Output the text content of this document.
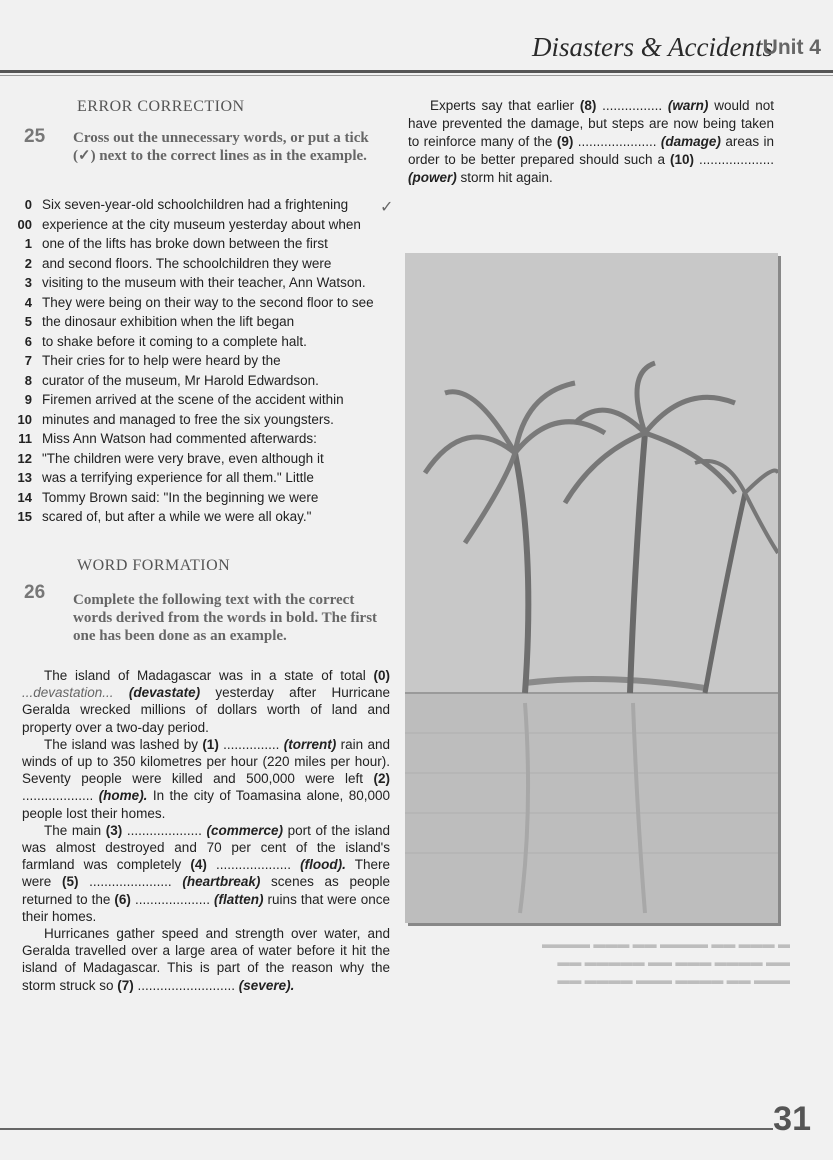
Disasters & Accidents
Unit 4
ERROR CORRECTION
25 Cross out the unnecessary words, or put a tick (✓) next to the correct lines as in the example.
0 Six seven-year-old schoolchildren had a frightening
00 experience at the city museum yesterday about when
1 one of the lifts has broke down between the first
2 and second floors. The schoolchildren they were
3 visiting to the museum with their teacher, Ann Watson.
4 They were being on their way to the second floor to see
5 the dinosaur exhibition when the lift began
6 to shake before it coming to a complete halt.
7 Their cries for to help were heard by the
8 curator of the museum, Mr Harold Edwardson.
9 Firemen arrived at the scene of the accident within
10 minutes and managed to free the six youngsters.
11 Miss Ann Watson had commented afterwards:
12 "The children were very brave, even although it
13 was a terrifying experience for all them." Little
14 Tommy Brown said: "In the beginning we were
15 scared of, but after a while we were all okay."
✓
WORD FORMATION
26 Complete the following text with the correct words derived from the words in bold. The first one has been done as an example.

The island of Madagascar was in a state of total (0) ...devastation... (devastate) yesterday after Hurricane Geralda wrecked millions of dollars worth of land and property over a two-day period.

The island was lashed by (1) ............... (torrent) rain and winds of up to 350 kilometres per hour (220 miles per hour). Seventy people were killed and 500,000 were left (2) ................... (home). In the city of Toamasina alone, 80,000 people lost their homes.

The main (3) .................... (commerce) port of the island was almost destroyed and 70 per cent of the island's farmland was completely (4) .................... (flood). There were (5) ...................... (heartbreak) scenes as people returned to the (6) .................... (flatten) ruins that were once their homes.

Hurricanes gather speed and strength over water, and Geralda travelled over a large area of water before it hit the island of Madagascar. This is part of the reason why the storm struck so (7) .......................... (severe).

Experts say that earlier (8) ................ (warn) would not have prevented the damage, but steps are now being taken to reinforce many of the (9) ..................... (damage) areas in order to be better prepared should such a (10) .................... (power) storm hit again.

▬ ▬▬▬ ▬▬ ▬▬▬▬ ▬▬ ▬▬▬ ▬▬▬▬
▬▬ ▬▬▬▬ ▬▬▬ ▬▬ ▬▬▬▬▬ ▬▬
▬▬▬ ▬▬ ▬▬▬▬ ▬▬▬ ▬▬▬▬ ▬▬
31
